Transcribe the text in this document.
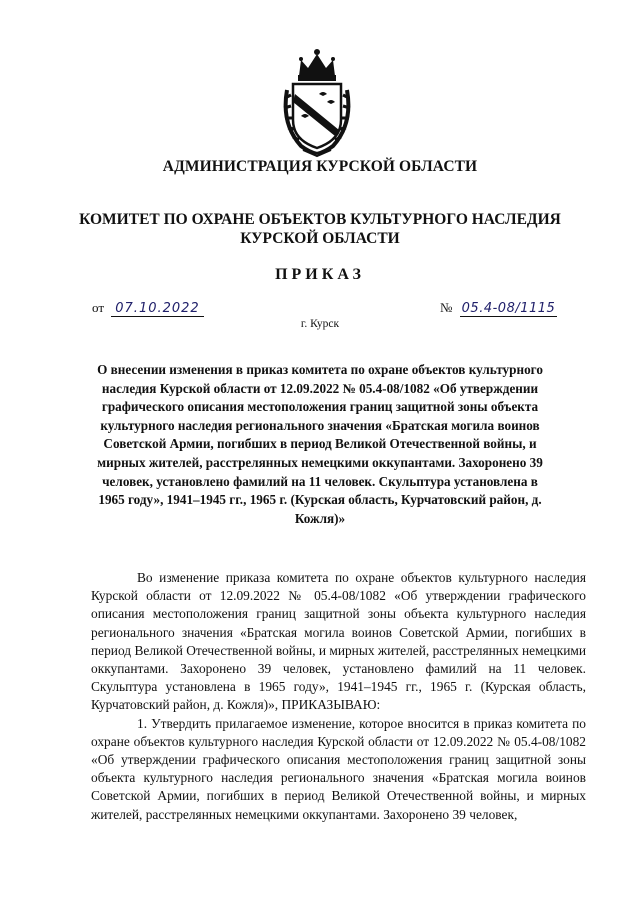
АДМИНИСТРАЦИЯ КУРСКОЙ ОБЛАСТИ
КОМИТЕТ ПО ОХРАНЕ ОБЪЕКТОВ КУЛЬТУРНОГО НАСЛЕДИЯ КУРСКОЙ ОБЛАСТИ
ПРИКАЗ
от 07.10.2022	№ 05.4-08/1115
г. Курск
О внесении изменения в приказ комитета по охране объектов культурного наследия Курской области от 12.09.2022 № 05.4-08/1082 «Об утверждении графического описания местоположения границ защитной зоны объекта культурного наследия регионального значения «Братская могила воинов Советской Армии, погибших в период Великой Отечественной войны, и мирных жителей, расстрелянных немецкими оккупантами. Захоронено 39 человек, установлено фамилий на 11 человек. Скульптура установлена в 1965 году», 1941–1945 гг., 1965 г. (Курская область, Курчатовский район, д. Кожля)»

Во изменение приказа комитета по охране объектов культурного наследия Курской области от 12.09.2022 № 05.4-08/1082 «Об утверждении графического описания местоположения границ защитной зоны объекта культурного наследия регионального значения «Братская могила воинов Советской Армии, погибших в период Великой Отечественной войны, и мирных жителей, расстрелянных немецкими оккупантами. Захоронено 39 человек, установлено фамилий на 11 человек. Скульптура установлена в 1965 году», 1941–1945 гг., 1965 г. (Курская область, Курчатовский район, д. Кожля)», ПРИКАЗЫВАЮ:

1. Утвердить прилагаемое изменение, которое вносится в приказ комитета по охране объектов культурного наследия Курской области от 12.09.2022 № 05.4-08/1082 «Об утверждении графического описания местоположения границ защитной зоны объекта культурного наследия регионального значения «Братская могила воинов Советской Армии, погибших в период Великой Отечественной войны, и мирных жителей, расстрелянных немецкими оккупантами. Захоронено 39 человек,
